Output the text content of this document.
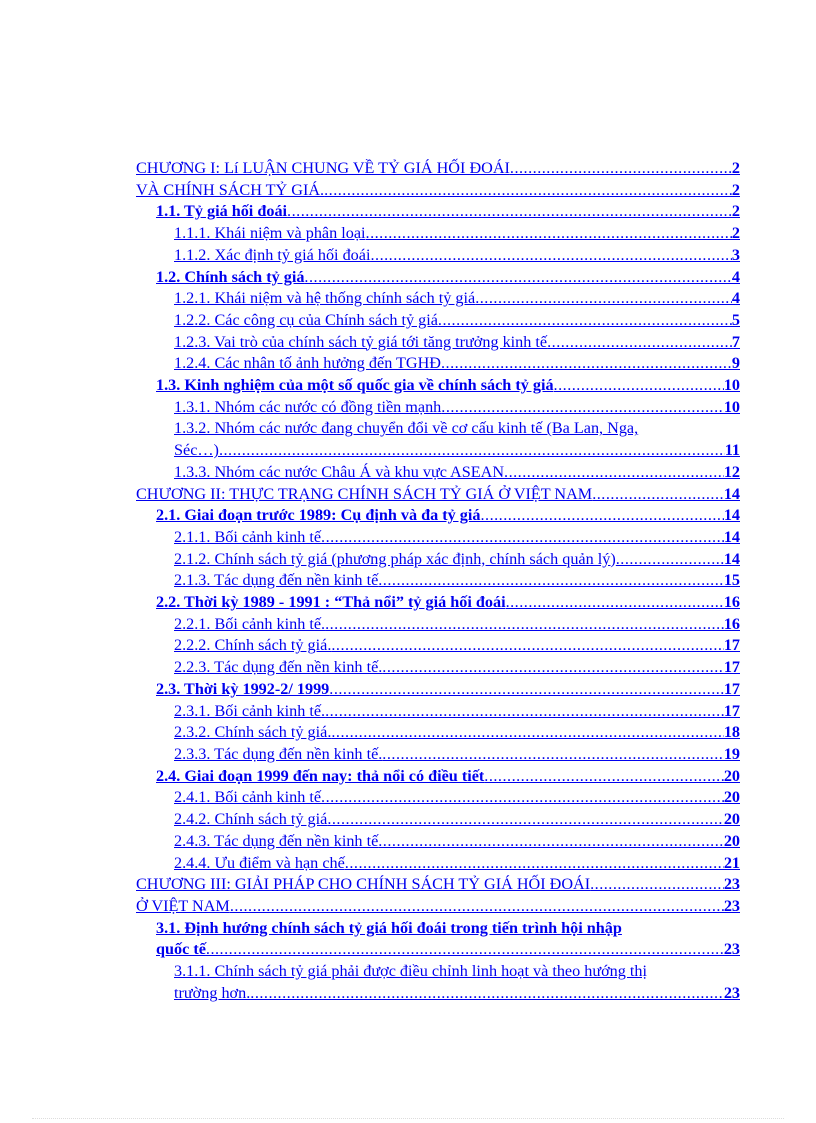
CHƯƠNG I: Lí LUẬN CHUNG VỀ TỶ GIÁ HỐI ĐOÁI .....	2
VÀ CHÍNH SÁCH TỶ GIÁ. .....	2
1.1. Tỷ giá hối đoái .....	2
1.1.1. Khái niệm và phân loại .....	2
1.1.2. Xác định tỷ giá hối đoái .....	3
1.2. Chính sách tỷ giá .....	4
1.2.1. Khái niệm và hệ thống chính sách tỷ giá .....	4
1.2.2. Các công cụ của Chính sách tỷ giá .....	5
1.2.3. Vai trò của chính sách tỷ giá tới tăng trưởng kinh tế .....	7
1.2.4. Các nhân tố ảnh hưởng đến TGHĐ .....	9
1.3. Kinh nghiệm của một số quốc gia về chính sách tỷ giá .....	10
1.3.1. Nhóm các nước có đồng tiền mạnh .....	10
1.3.2. Nhóm các nước đang chuyển đổi về cơ cấu kinh tế (Ba Lan, Nga,
Séc…) .....	11
1.3.3. Nhóm các nước Châu Á và khu vực ASEAN .....	12
CHƯƠNG II: THỰC TRẠNG CHÍNH SÁCH TỶ GIÁ Ở VIỆT NAM .....	14
2.1. Giai đoạn trước 1989: Cụ định và đa tỷ giá .....	14
2.1.1. Bối cảnh kinh tế .....	14
2.1.2. Chính sách tỷ giá (phương pháp xác định, chính sách quản lý) .....	14
2.1.3. Tác dụng đến nền kinh tế .....	15
2.2. Thời kỳ 1989 - 1991 : “Thả nổi” tỷ giá hối đoái .....	16
2.2.1. Bối cảnh kinh tế. .....	16
2.2.2. Chính sách tỷ giá. .....	17
2.2.3. Tác dụng đến nền kinh tế. .....	17
2.3. Thời kỳ 1992-2/ 1999 .....	17
2.3.1. Bối cảnh kinh tế. .....	17
2.3.2. Chính sách tỷ giá. .....	18
2.3.3. Tác dụng đến nền kinh tế. .....	19
2.4. Giai đoạn 1999 đến nay: thả nổi có điều tiết .....	20
2.4.1. Bối cảnh kinh tế .....	20
2.4.2. Chính sách tỷ giá .....	20
2.4.3. Tác dụng đến nền kinh tế .....	20
2.4.4. Ưu điểm và hạn chế .....	21
CHƯƠNG III: GIẢI PHÁP CHO CHÍNH SÁCH TỶ GIÁ HỐI ĐOÁI .....	23
Ở VIỆT NAM .....	23
3.1. Định hướng chính sách tỷ giá hối đoái trong tiến trình hội nhập
quốc tế .....	23
3.1.1. Chính sách tỷ giá phải được điều chỉnh linh hoạt và theo hướng thị
trường hơn. .....	23
